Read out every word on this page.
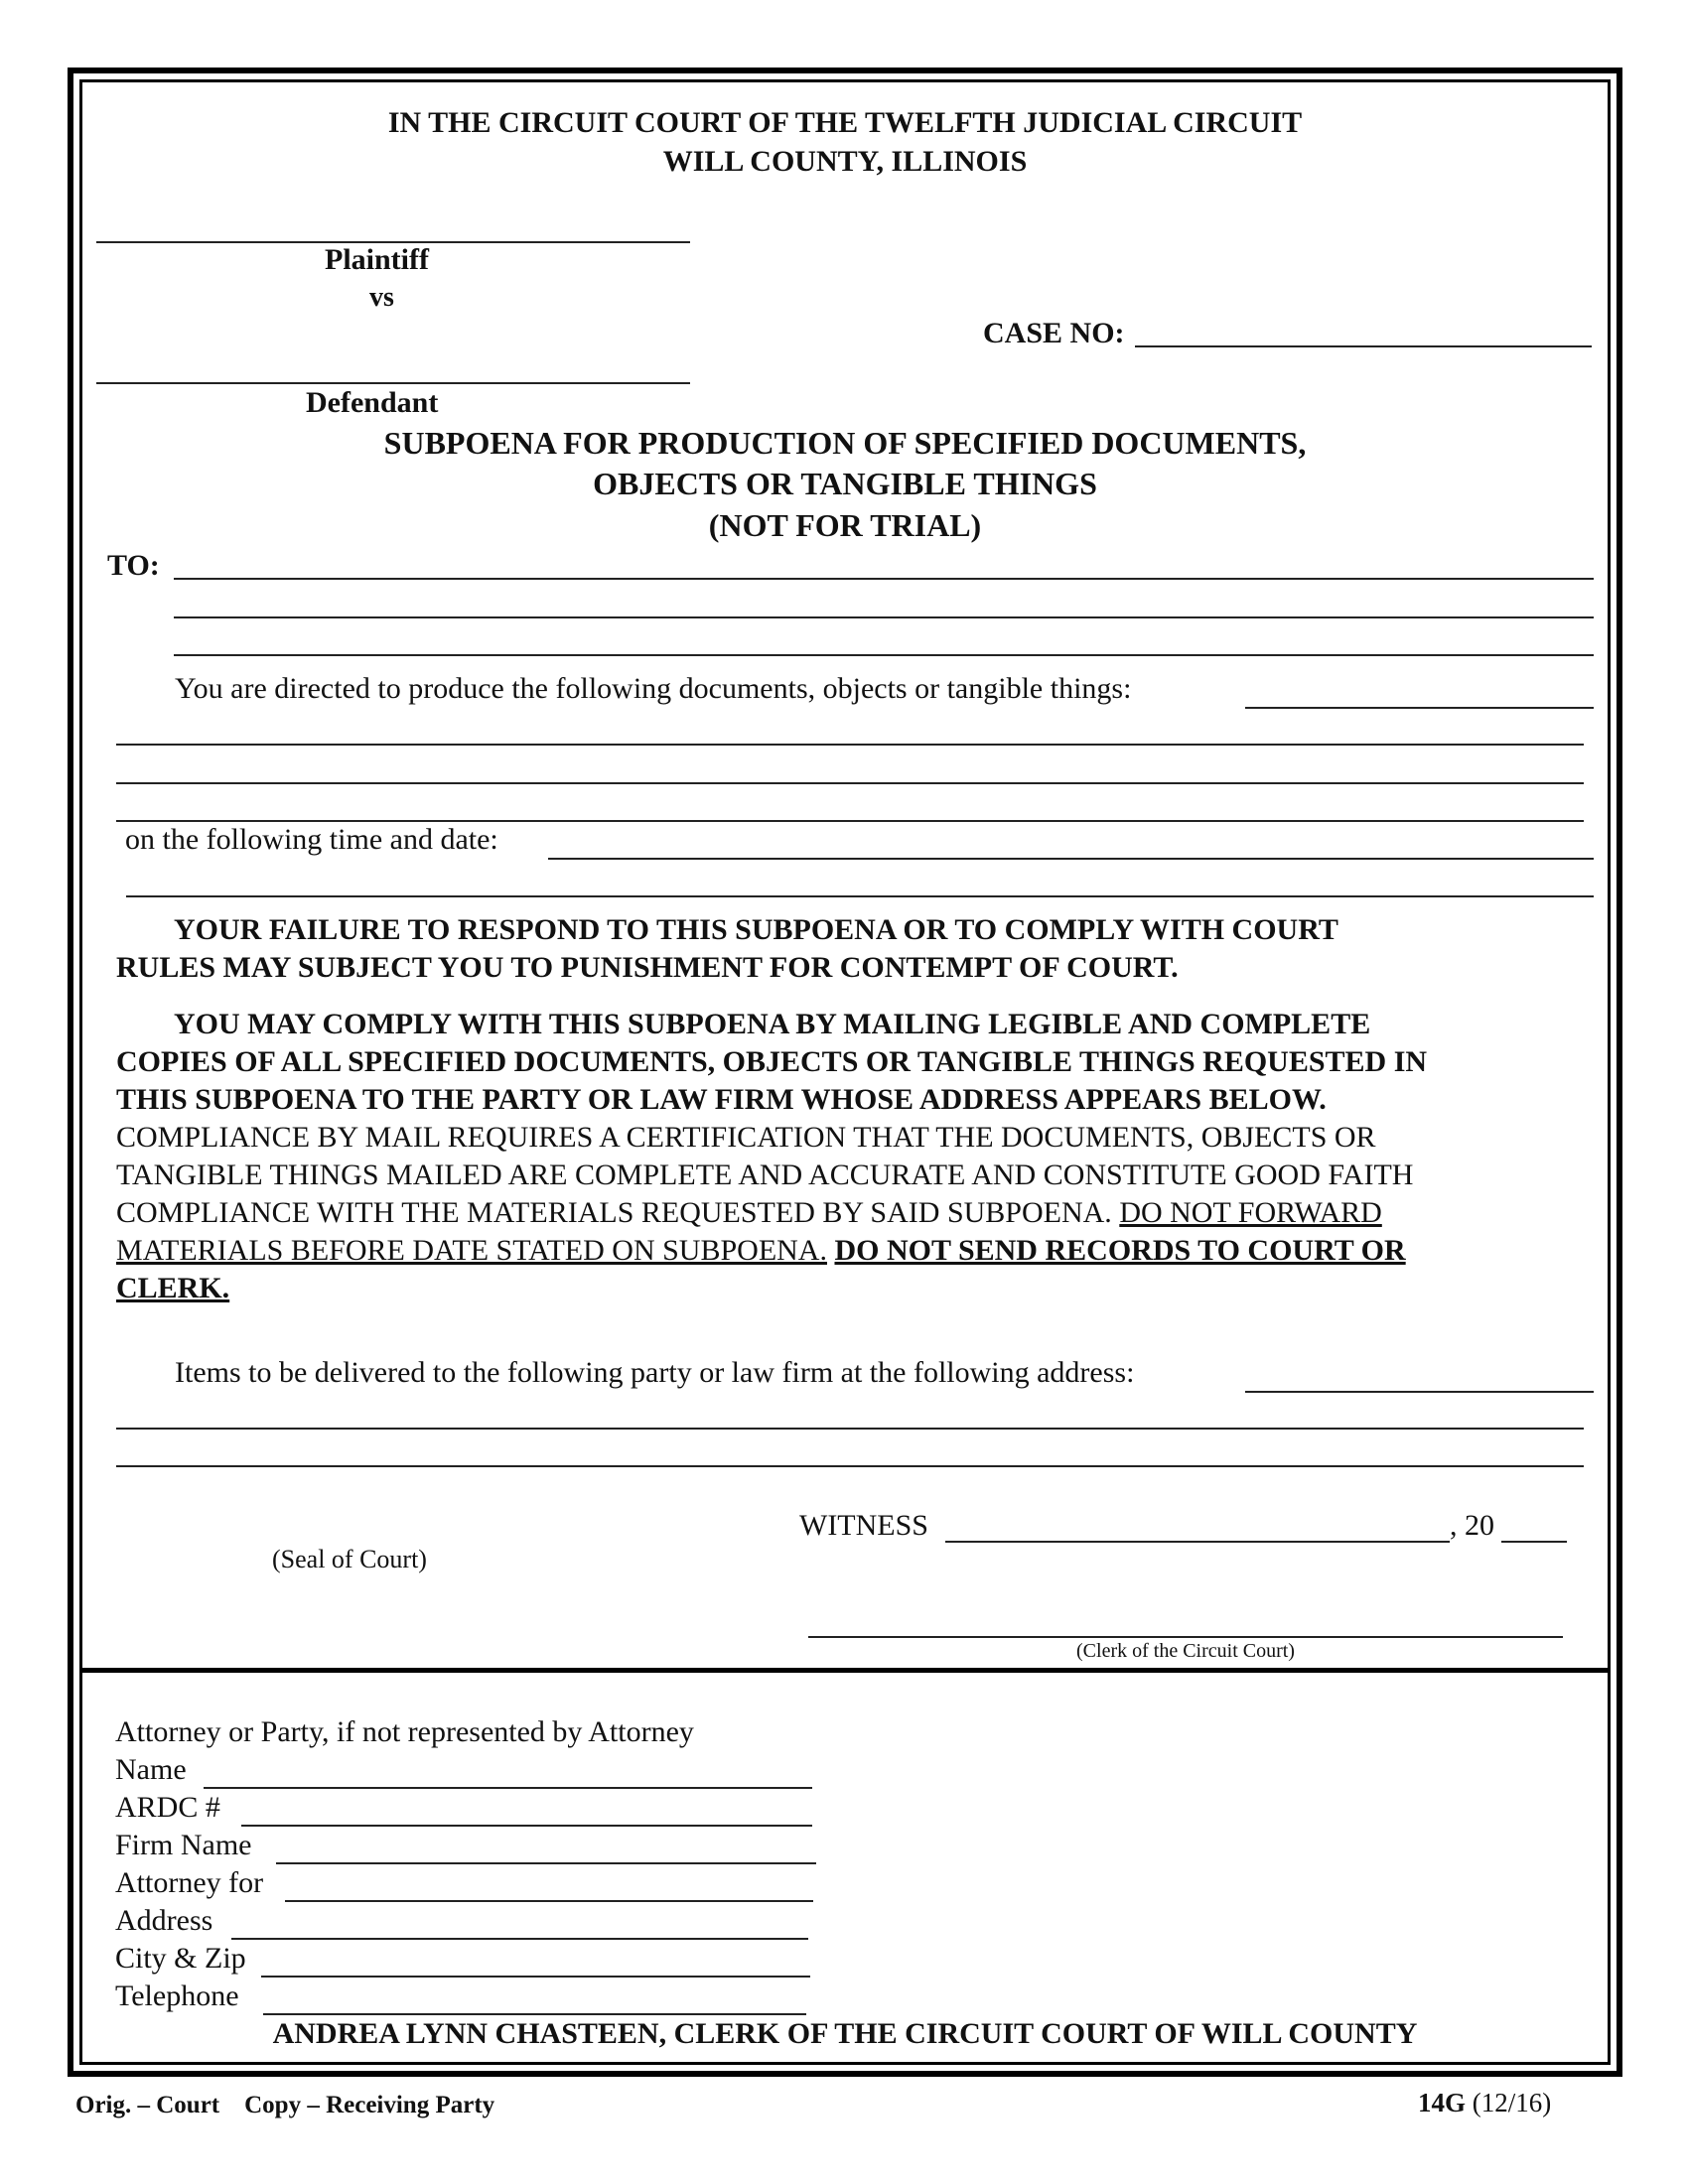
IN THE CIRCUIT COURT OF THE TWELFTH JUDICIAL CIRCUIT
WILL COUNTY, ILLINOIS
Plaintiff
vs
CASE NO:
Defendant
SUBPOENA FOR PRODUCTION OF SPECIFIED DOCUMENTS,
OBJECTS OR TANGIBLE THINGS
(NOT FOR TRIAL)
TO:
You are directed to produce the following documents, objects or tangible things:
on the following time and date:
YOUR FAILURE TO RESPOND TO THIS SUBPOENA OR TO COMPLY WITH COURT
RULES MAY SUBJECT YOU TO PUNISHMENT FOR CONTEMPT OF COURT.
YOU MAY COMPLY WITH THIS SUBPOENA BY MAILING LEGIBLE AND COMPLETE
COPIES OF ALL SPECIFIED DOCUMENTS, OBJECTS OR TANGIBLE THINGS REQUESTED IN
THIS SUBPOENA TO THE PARTY OR LAW FIRM WHOSE ADDRESS APPEARS BELOW.
COMPLIANCE BY MAIL REQUIRES A CERTIFICATION THAT THE DOCUMENTS, OBJECTS OR
TANGIBLE THINGS MAILED ARE COMPLETE AND ACCURATE AND CONSTITUTE GOOD FAITH
COMPLIANCE WITH THE MATERIALS REQUESTED BY SAID SUBPOENA. DO NOT FORWARD
MATERIALS BEFORE DATE STATED ON SUBPOENA. DO NOT SEND RECORDS TO COURT OR
CLERK.
Items to be delivered to the following party or law firm at the following address:
WITNESS	, 20
(Seal of Court)
(Clerk of the Circuit Court)
Attorney or Party, if not represented by Attorney
Name
ARDC #
Firm Name
Attorney for
Address
City & Zip
Telephone
ANDREA LYNN CHASTEEN, CLERK OF THE CIRCUIT COURT OF WILL COUNTY
Orig. – Court    Copy – Receiving Party	14G (12/16)
